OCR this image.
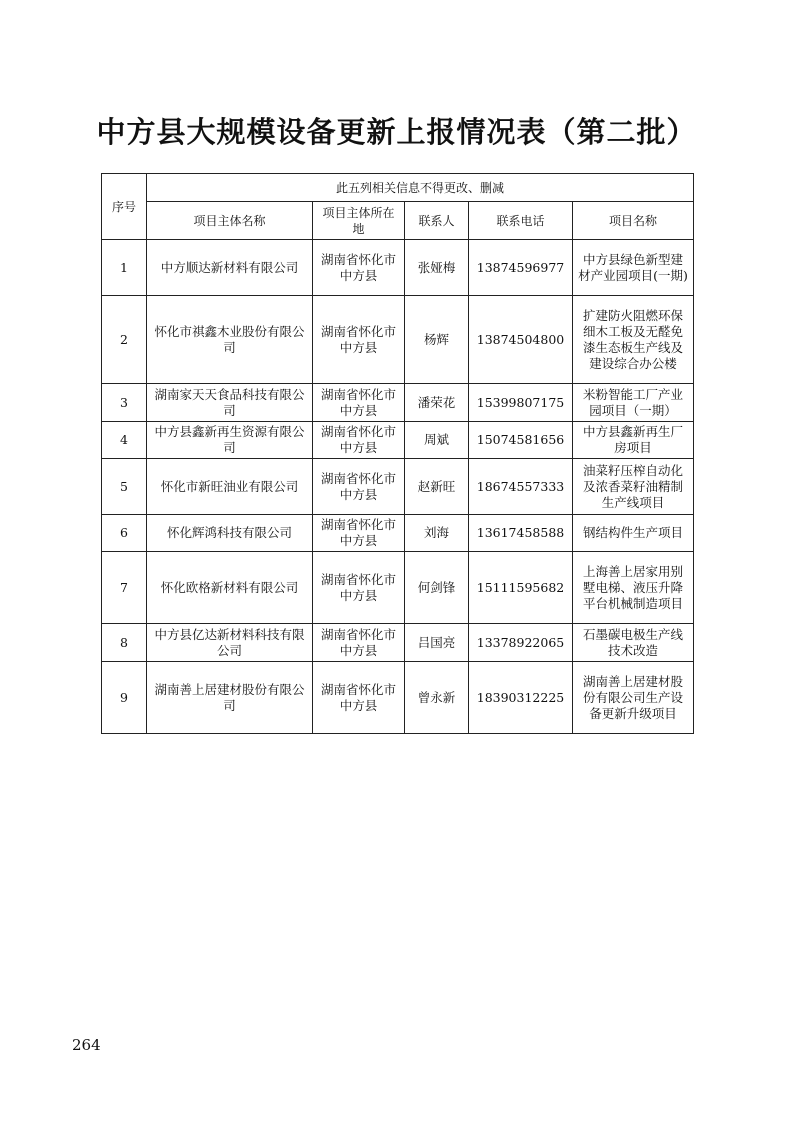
中方县大规模设备更新上报情况表（第二批）
序号	此五列相关信息不得更改、删减				
	项目主体名称	项目主体所在地	联系人	联系电话	项目名称
1	中方顺达新材料有限公司	湖南省怀化市中方县	张娅梅	13874596977	中方县绿色新型建材产业园项目(一期)
2	怀化市祺鑫木业股份有限公司	湖南省怀化市中方县	杨辉	13874504800	扩建防火阻燃环保细木工板及无醛免漆生态板生产线及建设综合办公楼
3	湖南家天天食品科技有限公司	湖南省怀化市中方县	潘荣花	15399807175	米粉智能工厂产业园项目（一期）
4	中方县鑫新再生资源有限公司	湖南省怀化市中方县	周斌	15074581656	中方县鑫新再生厂房项目
5	怀化市新旺油业有限公司	湖南省怀化市中方县	赵新旺	18674557333	油菜籽压榨自动化及浓香菜籽油精制生产线项目
6	怀化辉鸿科技有限公司	湖南省怀化市中方县	刘海	13617458588	钢结构件生产项目
7	怀化欧格新材料有限公司	湖南省怀化市中方县	何剑锋	15111595682	上海善上居家用别墅电梯、液压升降平台机械制造项目
8	中方县亿达新材料科技有限公司	湖南省怀化市中方县	吕国亮	13378922065	石墨碳电极生产线技术改造
9	湖南善上居建材股份有限公司	湖南省怀化市中方县	曾永新	18390312225	湖南善上居建材股份有限公司生产设备更新升级项目
264
